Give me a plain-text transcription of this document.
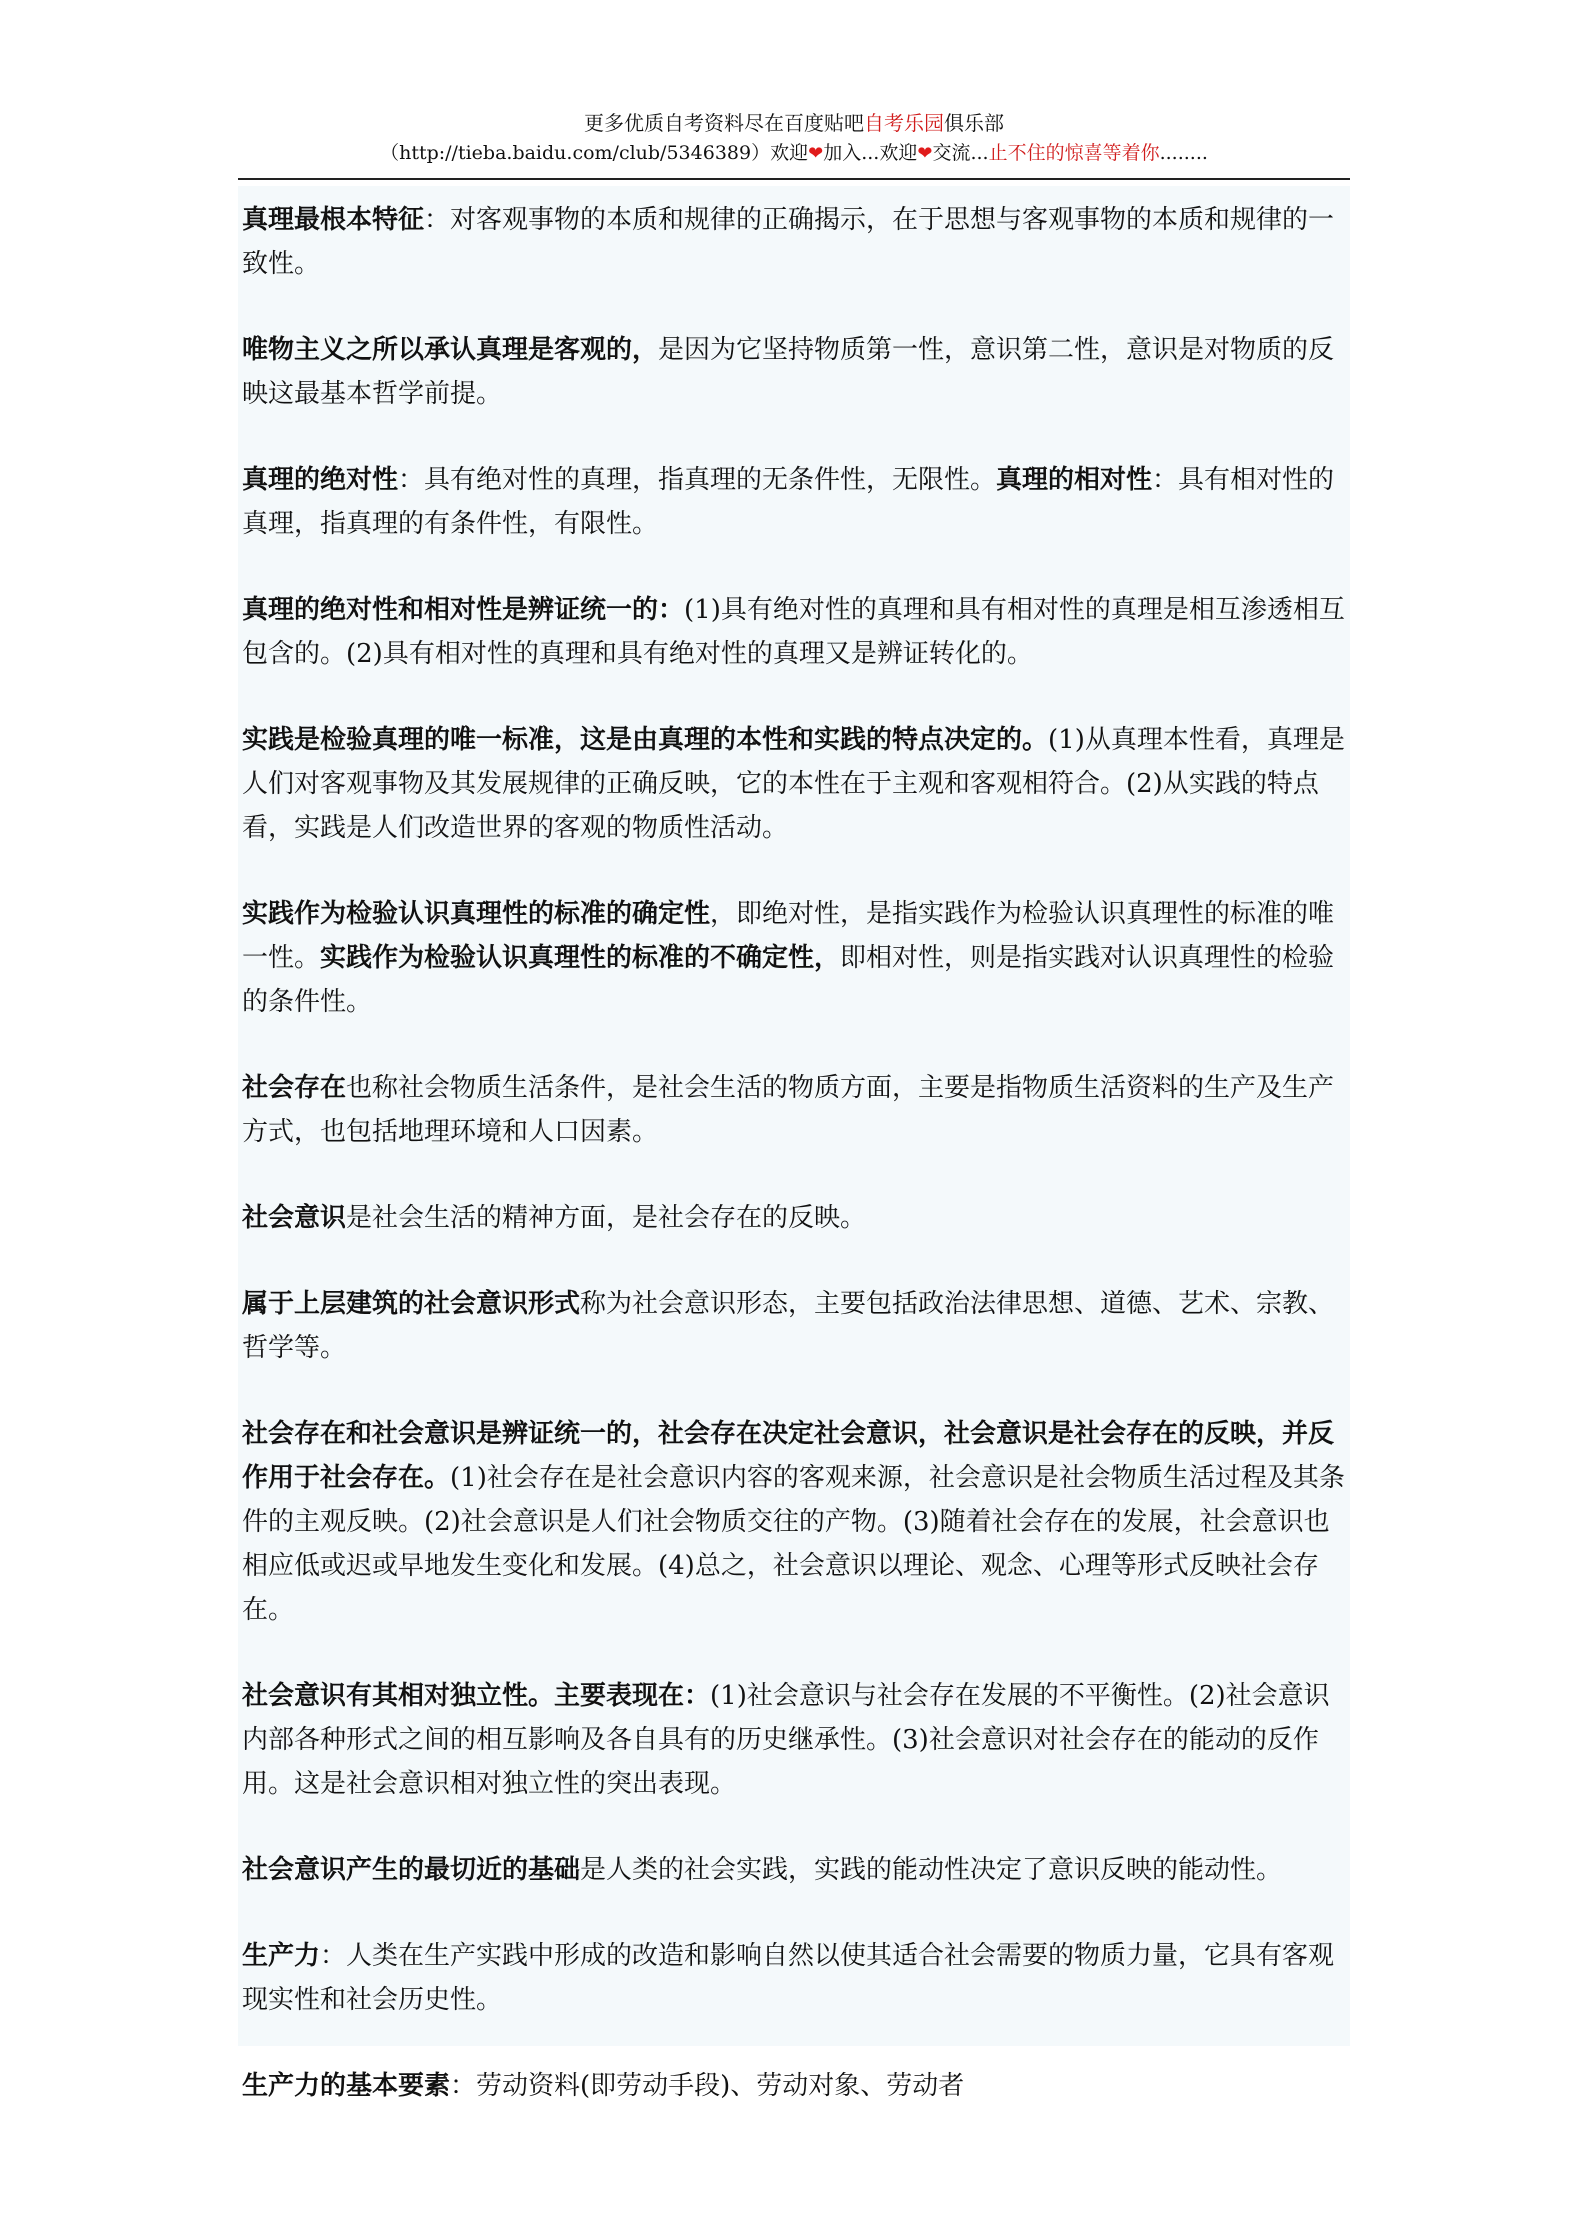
更多优质自考资料尽在百度贴吧自考乐园俱乐部
（http://tieba.baidu.com/club/5346389）欢迎❤加入...欢迎❤交流...止不住的惊喜等着你........

真理最根本特征：对客观事物的本质和规律的正确揭示，在于思想与客观事物的本质和规律的一致性。

唯物主义之所以承认真理是客观的，是因为它坚持物质第一性，意识第二性，意识是对物质的反映这最基本哲学前提。

真理的绝对性：具有绝对性的真理，指真理的无条件性，无限性。真理的相对性：具有相对性的真理，指真理的有条件性，有限性。

真理的绝对性和相对性是辨证统一的：(1)具有绝对性的真理和具有相对性的真理是相互渗透相互包含的。(2)具有相对性的真理和具有绝对性的真理又是辨证转化的。

实践是检验真理的唯一标准，这是由真理的本性和实践的特点决定的。(1)从真理本性看，真理是人们对客观事物及其发展规律的正确反映，它的本性在于主观和客观相符合。(2)从实践的特点看，实践是人们改造世界的客观的物质性活动。

实践作为检验认识真理性的标准的确定性，即绝对性，是指实践作为检验认识真理性的标准的唯一性。实践作为检验认识真理性的标准的不确定性，即相对性，则是指实践对认识真理性的检验的条件性。

社会存在也称社会物质生活条件，是社会生活的物质方面，主要是指物质生活资料的生产及生产方式，也包括地理环境和人口因素。

社会意识是社会生活的精神方面，是社会存在的反映。

属于上层建筑的社会意识形式称为社会意识形态，主要包括政治法律思想、道德、艺术、宗教、哲学等。

社会存在和社会意识是辨证统一的，社会存在决定社会意识，社会意识是社会存在的反映，并反作用于社会存在。(1)社会存在是社会意识内容的客观来源，社会意识是社会物质生活过程及其条件的主观反映。(2)社会意识是人们社会物质交往的产物。(3)随着社会存在的发展，社会意识也相应低或迟或早地发生变化和发展。(4)总之，社会意识以理论、观念、心理等形式反映社会存在。

社会意识有其相对独立性。主要表现在：(1)社会意识与社会存在发展的不平衡性。(2)社会意识内部各种形式之间的相互影响及各自具有的历史继承性。(3)社会意识对社会存在的能动的反作用。这是社会意识相对独立性的突出表现。

社会意识产生的最切近的基础是人类的社会实践，实践的能动性决定了意识反映的能动性。

生产力：人类在生产实践中形成的改造和影响自然以使其适合社会需要的物质力量，它具有客观现实性和社会历史性。

生产力的基本要素：劳动资料(即劳动手段)、劳动对象、劳动者
